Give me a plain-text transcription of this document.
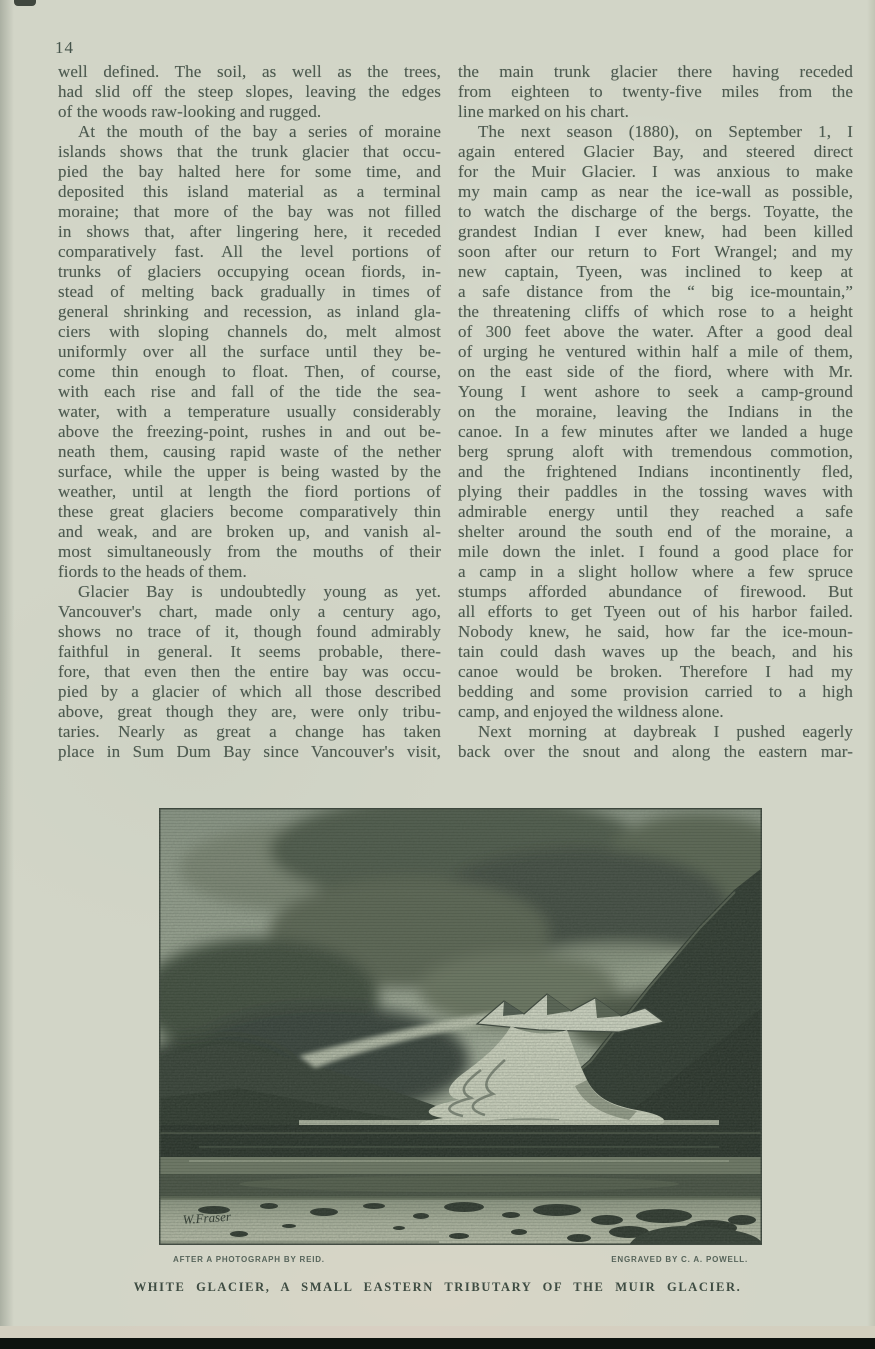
14
well defined. The soil, as well as the trees,
had slid off the steep slopes, leaving the edges
of the woods raw-looking and rugged.
At the mouth of the bay a series of moraine
islands shows that the trunk glacier that occu-
pied the bay halted here for some time, and
deposited this island material as a terminal
moraine; that more of the bay was not filled
in shows that, after lingering here, it receded
comparatively fast. All the level portions of
trunks of glaciers occupying ocean fiords, in-
stead of melting back gradually in times of
general shrinking and recession, as inland gla-
ciers with sloping channels do, melt almost
uniformly over all the surface until they be-
come thin enough to float. Then, of course,
with each rise and fall of the tide the sea-
water, with a temperature usually considerably
above the freezing-point, rushes in and out be-
neath them, causing rapid waste of the nether
surface, while the upper is being wasted by the
weather, until at length the fiord portions of
these great glaciers become comparatively thin
and weak, and are broken up, and vanish al-
most simultaneously from the mouths of their
fiords to the heads of them.
Glacier Bay is undoubtedly young as yet.
Vancouver's chart, made only a century ago,
shows no trace of it, though found admirably
faithful in general. It seems probable, there-
fore, that even then the entire bay was occu-
pied by a glacier of which all those described
above, great though they are, were only tribu-
taries. Nearly as great a change has taken
place in Sum Dum Bay since Vancouver's visit,
the main trunk glacier there having receded
from eighteen to twenty-five miles from the
line marked on his chart.
The next season (1880), on September 1, I
again entered Glacier Bay, and steered direct
for the Muir Glacier. I was anxious to make
my main camp as near the ice-wall as possible,
to watch the discharge of the bergs. Toyatte, the
grandest Indian I ever knew, had been killed
soon after our return to Fort Wrangel; and my
new captain, Tyeen, was inclined to keep at
a safe distance from the “ big ice-mountain,”
the threatening cliffs of which rose to a height
of 300 feet above the water. After a good deal
of urging he ventured within half a mile of them,
on the east side of the fiord, where with Mr.
Young I went ashore to seek a camp-ground
on the moraine, leaving the Indians in the
canoe. In a few minutes after we landed a huge
berg sprung aloft with tremendous commotion,
and the frightened Indians incontinently fled,
plying their paddles in the tossing waves with
admirable energy until they reached a safe
shelter around the south end of the moraine, a
mile down the inlet. I found a good place for
a camp in a slight hollow where a few spruce
stumps afforded abundance of firewood. But
all efforts to get Tyeen out of his harbor failed.
Nobody knew, he said, how far the ice-moun-
tain could dash waves up the beach, and his
canoe would be broken. Therefore I had my
bedding and some provision carried to a high
camp, and enjoyed the wildness alone.
Next morning at daybreak I pushed eagerly
back over the snout and along the eastern mar-
AFTER A PHOTOGRAPH BY REID.	ENGRAVED BY C. A. POWELL.
WHITE GLACIER, A SMALL EASTERN TRIBUTARY OF THE MUIR GLACIER.
